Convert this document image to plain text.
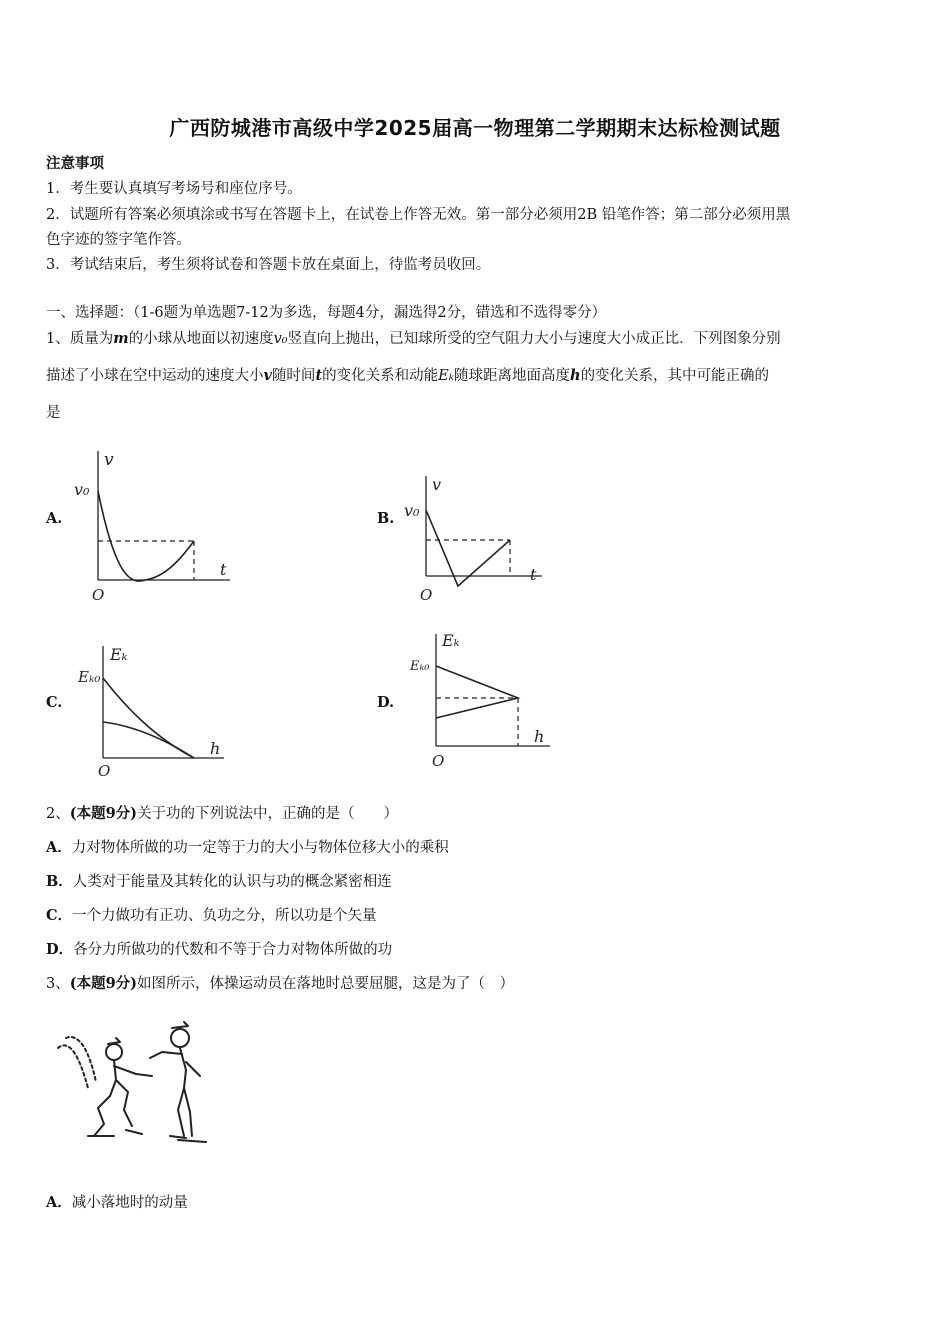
广西防城港市高级中学2025届高一物理第二学期期末达标检测试题
注意事项
1．考生要认真填写考场号和座位序号。
2．试题所有答案必须填涂或书写在答题卡上，在试卷上作答无效。第一部分必须用2B 铅笔作答；第二部分必须用黑
色字迹的签字笔作答。
3．考试结束后，考生须将试卷和答题卡放在桌面上，待监考员收回。
一、选择题：（1-6题为单选题7-12为多选，每题4分，漏选得2分，错选和不选得零分）
1、质量为m的小球从地面以初速度v₀竖直向上抛出，已知球所受的空气阻力大小与速度大小成正比．下列图象分别
描述了小球在空中运动的速度大小v随时间t的变化关系和动能Eₖ随球距离地面高度h的变化关系，其中可能正确的
是
A.
v
v₀
t
O
B.
v
v₀
t
O
C.
Eₖ
Eₖ₀
h
O
D.
Eₖ
Eₖ₀
h
O
2、(本题9分)关于功的下列说法中，正确的是（　　）
A．力对物体所做的功一定等于力的大小与物体位移大小的乘积
B．人类对于能量及其转化的认识与功的概念紧密相连
C．一个力做功有正功、负功之分，所以功是个矢量
D．各分力所做功的代数和不等于合力对物体所做的功
3、(本题9分)如图所示，体操运动员在落地时总要屈腿，这是为了（　）
A．减小落地时的动量
